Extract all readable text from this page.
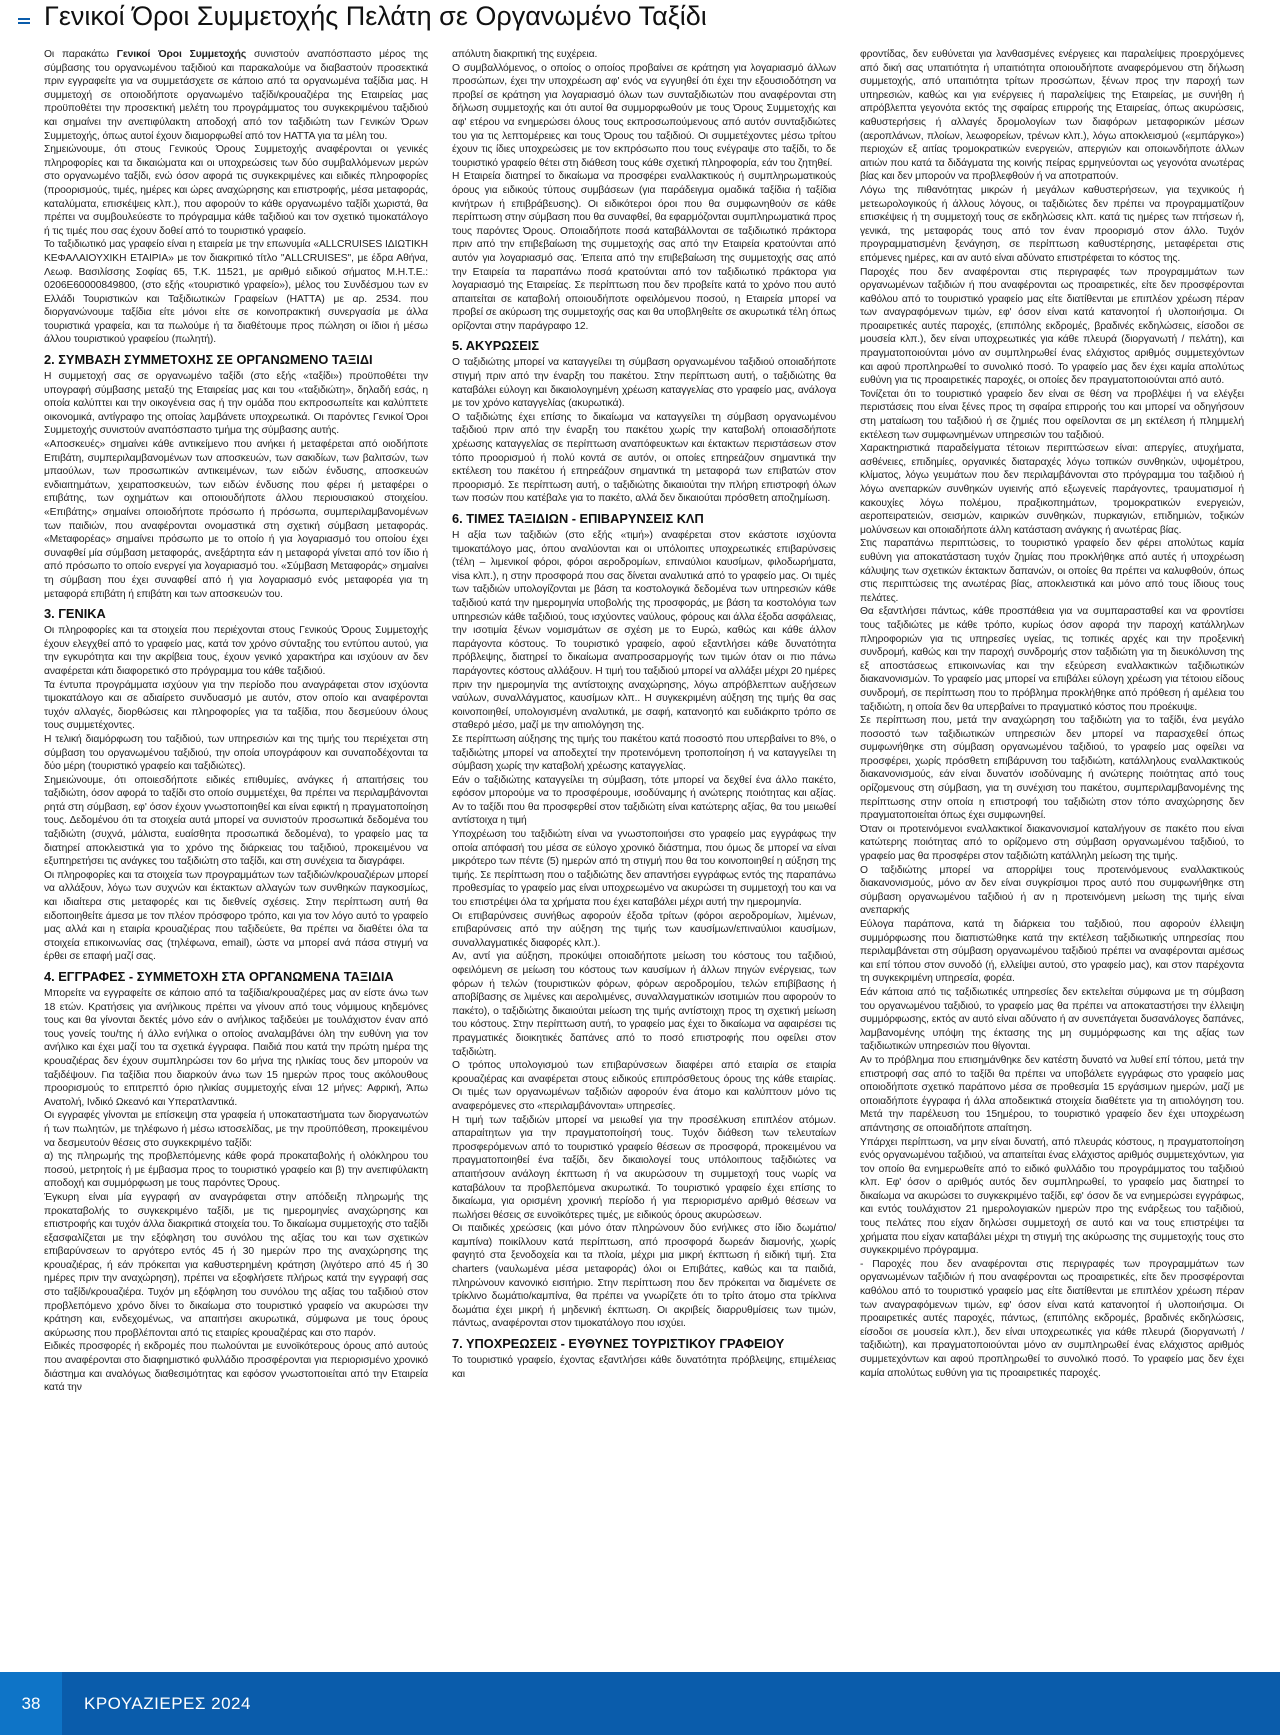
Γενικοί Όροι Συμμετοχής Πελάτη σε Οργανωμένο Ταξίδι

Οι παρακάτω Γενικοί Όροι Συμμετοχής συνιστούν αναπόσπαστο μέρος της σύμβασης του οργανωμένου ταξιδιού και παρακαλούμε να διαβαστούν προσεκτικά πριν εγγραφείτε για να συμμετάσχετε σε κάποιο από τα οργανωμένα ταξίδια μας. Η συμμετοχή σε οποιοδήποτε οργανωμένο ταξίδι/κρουαζιέρα της Εταιρείας μας προϋποθέτει την προσεκτική μελέτη του προγράμματος του συγκεκριμένου ταξιδιού και σημαίνει την ανεπιφύλακτη αποδοχή από τον ταξιδιώτη των Γενικών Όρων Συμμετοχής, όπως αυτοί έχουν διαμορφωθεί από τον ΗΑΤΤΑ για τα μέλη του.

Σημειώνουμε, ότι στους Γενικούς Όρους Συμμετοχής αναφέρονται οι γενικές πληροφορίες και τα δικαιώματα και οι υποχρεώσεις των δύο συμβαλλόμενων μερών στο οργανωμένο ταξίδι, ενώ όσον αφορά τις συγκεκριμένες και ειδικές πληροφορίες (προορισμούς, τιμές, ημέρες και ώρες αναχώρησης και επιστροφής, μέσα μεταφοράς, καταλύματα, επισκέψεις κλπ.), που αφορούν το κάθε οργανωμένο ταξίδι χωριστά, θα πρέπει να συμβουλεύεστε το πρόγραμμα κάθε ταξιδιού και τον σχετικό τιμοκατάλογο ή τις τιμές που σας έχουν δοθεί από το τουριστικό γραφείο.

Το ταξιδιωτικό μας γραφείο είναι η εταιρεία με την επωνυμία «ALLCRUISES ΙΔΙΩΤΙΚΗ ΚΕΦΑΛΑΙΟΥΧΙΚΗ ΕΤΑΙΡΙΑ» με τον διακριτικό τίτλο "ALLCRUISES", με έδρα Αθήνα, Λεωφ. Βασιλίσσης Σοφίας 65, Τ.Κ. 11521, με αριθμό ειδικού σήματος Μ.Η.Τ.Ε.: 0206Ε60000849800, (στο εξής «τουριστικό γραφείο»), μέλος του Συνδέσμου των εν Ελλάδι Τουριστικών και Ταξιδιωτικών Γραφείων (ΗΑΤΤΑ) με αρ. 2534. που διοργανώνουμε ταξίδια είτε μόνοι είτε σε κοινοπρακτική συνεργασία με άλλα τουριστικά γραφεία, και τα πωλούμε ή τα διαθέτουμε προς πώληση οι ίδιοι ή μέσω άλλου τουριστικού γραφείου (πωλητή).

2. ΣΥΜΒΑΣΗ ΣΥΜΜΕΤΟΧΗΣ ΣΕ ΟΡΓΑΝΩΜΕΝΟ ΤΑΞΙΔΙ

Η συμμετοχή σας σε οργανωμένο ταξίδι (στο εξής «ταξίδι») προϋποθέτει την υπογραφή σύμβασης μεταξύ της Εταιρείας μας και του «ταξιδιώτη», δηλαδή εσάς, η οποία καλύπτει και την οικογένεια σας ή την ομάδα που εκπροσωπείτε και καλύπτετε οικονομικά, αντίγραφο της οποίας λαμβάνετε υποχρεωτικά. Οι παρόντες Γενικοί Όροι Συμμετοχής συνιστούν αναπόσπαστο τμήμα της σύμβασης αυτής.

«Αποσκευές» σημαίνει κάθε αντικείμενο που ανήκει ή μεταφέρεται από οιοδήποτε Επιβάτη, συμπεριλαμβανομένων των αποσκευών, των σακιδίων, των βαλιτσών, των μπαούλων, των προσωπικών αντικειμένων, των ειδών ένδυσης, αποσκευών ενδιαιτημάτων, χειραποσκευών, των ειδών ένδυσης που φέρει ή μεταφέρει ο επιβάτης, των οχημάτων και οποιουδήποτε άλλου περιουσιακού στοιχείου. «Επιβάτης» σημαίνει οποιοδήποτε πρόσωπο ή πρόσωπα, συμπεριλαμβανομένων των παιδιών, που αναφέρονται ονομαστικά στη σχετική σύμβαση μεταφοράς. «Μεταφορέας» σημαίνει πρόσωπο με το οποίο ή για λογαριασμό του οποίου έχει συναφθεί μία σύμβαση μεταφοράς, ανεξάρτητα εάν η μεταφορά γίνεται από τον ίδιο ή από πρόσωπο το οποίο ενεργεί για λογαριασμό του. «Σύμβαση Μεταφοράς» σημαίνει τη σύμβαση που έχει συναφθεί από ή για λογαριασμό ενός μεταφορέα για τη μεταφορά επιβάτη ή επιβάτη και των αποσκευών του.

3. ΓΕΝΙΚΑ

Οι πληροφορίες και τα στοιχεία που περιέχονται στους Γενικούς Όρους Συμμετοχής έχουν ελεγχθεί από το γραφείο μας, κατά τον χρόνο σύνταξης του εντύπου αυτού, για την εγκυρότητα και την ακρίβεια τους, έχουν γενικό χαρακτήρα και ισχύουν αν δεν αναφέρεται κάτι διαφορετικό στο πρόγραμμα του κάθε ταξιδιού.

Τα έντυπα προγράμματα ισχύουν για την περίοδο που αναγράφεται στον ισχύοντα τιμοκατάλογο και σε αδιαίρετο συνδυασμό με αυτόν, στον οποίο και αναφέρονται τυχόν αλλαγές, διορθώσεις και πληροφορίες για τα ταξίδια, που δεσμεύουν όλους τους συμμετέχοντες.

Η τελική διαμόρφωση του ταξιδιού, των υπηρεσιών και της τιμής του περιέχεται στη σύμβαση του οργανωμένου ταξιδιού, την οποία υπογράφουν και συναποδέχονται τα δύο μέρη (τουριστικό γραφείο και ταξιδιώτες).

Σημειώνουμε, ότι οποιεσδήποτε ειδικές επιθυμίες, ανάγκες ή απαιτήσεις του ταξιδιώτη, όσον αφορά το ταξίδι στο οποίο συμμετέχει, θα πρέπει να περιλαμβάνονται ρητά στη σύμβαση, εφ' όσον έχουν γνωστοποιηθεί και είναι εφικτή η πραγματοποίηση τους. Δεδομένου ότι τα στοιχεία αυτά μπορεί να συνιστούν προσωπικά δεδομένα του ταξιδιώτη (συχνά, μάλιστα, ευαίσθητα προσωπικά δεδομένα), το γραφείο μας τα διατηρεί αποκλειστικά για το χρόνο της διάρκειας του ταξιδιού, προκειμένου να εξυπηρετήσει τις ανάγκες του ταξιδιώτη στο ταξίδι, και στη συνέχεια τα διαγράφει.

Οι πληροφορίες και τα στοιχεία των προγραμμάτων των ταξιδιών/κρουαζιέρων μπορεί να αλλάξουν, λόγω των συχνών και έκτακτων αλλαγών των συνθηκών παγκοσμίως, και ιδιαίτερα στις μεταφορές και τις διεθνείς σχέσεις. Στην περίπτωση αυτή θα ειδοποιηθείτε άμεσα με τον πλέον πρόσφορο τρόπο, και για τον λόγο αυτό το γραφείο μας αλλά και η εταιρία κρουαζιέρας που ταξιδεύετε, θα πρέπει να διαθέτει όλα τα στοιχεία επικοινωνίας σας (τηλέφωνα, email), ώστε να μπορεί ανά πάσα στιγμή να έρθει σε επαφή μαζί σας.

4. ΕΓΓΡΑΦΕΣ - ΣΥΜΜΕΤΟΧΗ ΣΤΑ ΟΡΓΑΝΩΜΕΝΑ ΤΑΞΙΔΙΑ

Μπορείτε να εγγραφείτε σε κάποιο από τα ταξίδια/κρουαζιέρες μας αν είστε άνω των 18 ετών. Κρατήσεις για ανήλικους πρέπει να γίνουν από τους νόμιμους κηδεμόνες τους και θα γίνονται δεκτές μόνο εάν ο ανήλικος ταξιδεύει με τουλάχιστον έναν από τους γονείς του/της ή άλλο ενήλικα ο οποίος αναλαμβάνει όλη την ευθύνη για τον ανήλικο και έχει μαζί του τα σχετικά έγγραφα. Παιδιά που κατά την πρώτη ημέρα της κρουαζιέρας δεν έχουν συμπληρώσει τον 6ο μήνα της ηλικίας τους δεν μπορούν να ταξιδέψουν. Για ταξίδια που διαρκούν άνω των 15 ημερών προς τους ακόλουθους προορισμούς το επιτρεπτό όριο ηλικίας συμμετοχής είναι 12 μήνες: Αφρική, Άπω Ανατολή, Ινδικό Ωκεανό και Υπερατλαντικά.

Οι εγγραφές γίνονται με επίσκεψη στα γραφεία ή υποκαταστήματα των διοργανωτών ή των πωλητών, με τηλέφωνο ή μέσω ιστοσελίδας, με την προϋπόθεση, προκειμένου να δεσμευτούν θέσεις στο συγκεκριμένο ταξίδι:

α) της πληρωμής της προβλεπόμενης κάθε φορά προκαταβολής ή ολόκληρου του ποσού, μετρητοίς ή με έμβασμα προς το τουριστικό γραφείο και β) την ανεπιφύλακτη αποδοχή και συμμόρφωση με τους παρόντες Όρους.

Έγκυρη είναι μία εγγραφή αν αναγράφεται στην απόδειξη πληρωμής της προκαταβολής το συγκεκριμένο ταξίδι, με τις ημερομηνίες αναχώρησης και επιστροφής και τυχόν άλλα διακριτικά στοιχεία του. Το δικαίωμα συμμετοχής στο ταξίδι εξασφαλίζεται με την εξόφληση του συνόλου της αξίας του και των σχετικών επιβαρύνσεων το αργότερο εντός 45 ή 30 ημερών προ της αναχώρησης της κρουαζιέρας, ή εάν πρόκειται για καθυστερημένη κράτηση (λιγότερο από 45 ή 30 ημέρες πριν την αναχώρηση), πρέπει να εξοφλήσετε πλήρως κατά την εγγραφή σας στο ταξίδι/κρουαζιέρα. Τυχόν μη εξόφληση του συνόλου της αξίας του ταξιδιού στον προβλεπόμενο χρόνο δίνει το δικαίωμα στο τουριστικό γραφείο να ακυρώσει την κράτηση και, ενδεχομένως, να απαιτήσει ακυρωτικά, σύμφωνα με τους όρους ακύρωσης που προβλέπονται από τις εταιρίες κρουαζιέρας και στο παρόν.

Ειδικές προσφορές ή εκδρομές που πωλούνται με ευνοϊκότερους όρους από αυτούς που αναφέρονται στο διαφημιστικό φυλλάδιο προσφέρονται για περιορισμένο χρονικό διάστημα και αναλόγως διαθεσιμότητας και εφόσον γνωστοποιείται από την Εταιρεία κατά την

απόλυτη διακριτική της ευχέρεια.

Ο συμβαλλόμενος, ο οποίος ο οποίος προβαίνει σε κράτηση για λογαριασμό άλλων προσώπων, έχει την υποχρέωση αφ' ενός να εγγυηθεί ότι έχει την εξουσιοδότηση να προβεί σε κράτηση για λογαριασμό όλων των συνταξιδιωτών που αναφέρονται στη δήλωση συμμετοχής και ότι αυτοί θα συμμορφωθούν με τους Όρους Συμμετοχής και αφ' ετέρου να ενημερώσει όλους τους εκπροσωπούμενους από αυτόν συνταξιδιώτες του για τις λεπτομέρειες και τους Όρους του ταξιδιού. Οι συμμετέχοντες μέσω τρίτου έχουν τις ίδιες υποχρεώσεις με τον εκπρόσωπο που τους ενέγραψε στο ταξίδι, το δε τουριστικό γραφείο θέτει στη διάθεση τους κάθε σχετική πληροφορία, εάν του ζητηθεί.

Η Εταιρεία διατηρεί το δικαίωμα να προσφέρει εναλλακτικούς ή συμπληρωματικούς όρους για ειδικούς τύπους συμβάσεων (για παράδειγμα ομαδικά ταξίδια ή ταξίδια κινήτρων ή επιβράβευσης). Οι ειδικότεροι όροι που θα συμφωνηθούν σε κάθε περίπτωση στην σύμβαση που θα συναφθεί, θα εφαρμόζονται συμπληρωματικά προς τους παρόντες Όρους. Οποιαδήποτε ποσά καταβάλλονται σε ταξιδιωτικό πράκτορα πριν από την επιβεβαίωση της συμμετοχής σας από την Εταιρεία κρατούνται από αυτόν για λογαριασμό σας. Έπειτα από την επιβεβαίωση της συμμετοχής σας από την Εταιρεία τα παραπάνω ποσά κρατούνται από τον ταξιδιωτικό πράκτορα για λογαριασμό της Εταιρείας. Σε περίπτωση που δεν προβείτε κατά το χρόνο που αυτό απαιτείται σε καταβολή οποιουδήποτε οφειλόμενου ποσού, η Εταιρεία μπορεί να προβεί σε ακύρωση της συμμετοχής σας και θα υποβληθείτε σε ακυρωτικά τέλη όπως ορίζονται στην παράγραφο 12.

5. ΑΚΥΡΩΣΕΙΣ

Ο ταξιδιώτης μπορεί να καταγγείλει τη σύμβαση οργανωμένου ταξιδιού οποιαδήποτε στιγμή πριν από την έναρξη του πακέτου. Στην περίπτωση αυτή, ο ταξιδιώτης θα καταβάλει εύλογη και δικαιολογημένη χρέωση καταγγελίας στο γραφείο μας, ανάλογα με τον χρόνο καταγγελίας (ακυρωτικά).

Ο ταξιδιώτης έχει επίσης το δικαίωμα να καταγγείλει τη σύμβαση οργανωμένου ταξιδιού πριν από την έναρξη του πακέτου χωρίς την καταβολή οποιασδήποτε χρέωσης καταγγελίας σε περίπτωση αναπόφευκτων και έκτακτων περιστάσεων στον τόπο προορισμού ή πολύ κοντά σε αυτόν, οι οποίες επηρεάζουν σημαντικά την εκτέλεση του πακέτου ή επηρεάζουν σημαντικά τη μεταφορά των επιβατών στον προορισμό. Σε περίπτωση αυτή, ο ταξιδιώτης δικαιούται την πλήρη επιστροφή όλων των ποσών που κατέβαλε για το πακέτο, αλλά δεν δικαιούται πρόσθετη αποζημίωση.

6. ΤΙΜΕΣ ΤΑΞΙΔΙΩΝ - ΕΠΙΒΑΡΥΝΣΕΙΣ ΚΛΠ

Η αξία των ταξιδιών (στο εξής «τιμή») αναφέρεται στον εκάστοτε ισχύοντα τιμοκατάλογο μας, όπου αναλύονται και οι υπόλοιπες υποχρεωτικές επιβαρύνσεις (τέλη – λιμενικοί φόροι, φόροι αεροδρομίων, επιναύλιοι καυσίμων, φιλοδωρήματα, visa κλπ.), η στην προσφορά που σας δίνεται αναλυτικά από το γραφείο μας. Οι τιμές των ταξιδιών υπολογίζονται με βάση τα κοστολογικά δεδομένα των υπηρεσιών κάθε ταξιδιού κατά την ημερομηνία υποβολής της προσφοράς, με βάση τα κοστολόγια των υπηρεσιών κάθε ταξιδιού, τους ισχύοντες ναύλους, φόρους και άλλα έξοδα ασφάλειας, την ισοτιμία ξένων νομισμάτων σε σχέση με το Ευρώ, καθώς και κάθε άλλον παράγοντα κόστους. Το τουριστικό γραφείο, αφού εξαντλήσει κάθε δυνατότητα πρόβλεψης, διατηρεί το δικαίωμα αναπροσαρμογής των τιμών όταν οι πιο πάνω παράγοντες κόστους αλλάξουν. Η τιμή του ταξιδιού μπορεί να αλλάξει μέχρι 20 ημέρες πριν την ημερομηνία της αντίστοιχης αναχώρησης, λόγω απρόβλεπτων αυξήσεων ναύλων, συναλλάγματος, καυσίμων κλπ.. Η συγκεκριμένη αύξηση της τιμής θα σας κοινοποιηθεί, υπολογισμένη αναλυτικά, με σαφή, κατανοητό και ευδιάκριτο τρόπο σε σταθερό μέσο, μαζί με την αιτιολόγηση της.

Σε περίπτωση αύξησης της τιμής του πακέτου κατά ποσοστό που υπερβαίνει το 8%, ο ταξιδιώτης μπορεί να αποδεχτεί την προτεινόμενη τροποποίηση ή να καταγγείλει τη σύμβαση χωρίς την καταβολή χρέωσης καταγγελίας.

Εάν ο ταξιδιώτης καταγγείλει τη σύμβαση, τότε μπορεί να δεχθεί ένα άλλο πακέτο, εφόσον μπορούμε να το προσφέρουμε, ισοδύναμης ή ανώτερης ποιότητας και αξίας. Αν το ταξίδι που θα προσφερθεί στον ταξιδιώτη είναι κατώτερης αξίας, θα του μειωθεί αντίστοιχα η τιμή

Υποχρέωση του ταξιδιώτη είναι να γνωστοποιήσει στο γραφείο μας εγγράφως την οποία απόφασή του μέσα σε εύλογο χρονικό διάστημα, που όμως δε μπορεί να είναι μικρότερο των πέντε (5) ημερών από τη στιγμή που θα του κοινοποιηθεί η αύξηση της τιμής. Σε περίπτωση που ο ταξιδιώτης δεν απαντήσει εγγράφως εντός της παραπάνω προθεσμίας το γραφείο μας είναι υποχρεωμένο να ακυρώσει τη συμμετοχή του και να του επιστρέψει όλα τα χρήματα που έχει καταβάλει μέχρι αυτή την ημερομηνία.

Οι επιβαρύνσεις συνήθως αφορούν έξοδα τρίτων (φόροι αεροδρομίων, λιμένων, επιβαρύνσεις από την αύξηση της τιμής των καυσίμων/επιναύλιοι καυσίμων, συναλλαγματικές διαφορές κλπ.).

Αν, αντί για αύξηση, προκύψει οποιαδήποτε μείωση του κόστους του ταξιδιού, οφειλόμενη σε μείωση του κόστους των καυσίμων ή άλλων πηγών ενέργειας, των φόρων ή τελών (τουριστικών φόρων, φόρων αεροδρομίου, τελών επιβίβασης ή αποβίβασης σε λιμένες και αερολιμένες, συναλλαγματικών ισοτιμιών που αφορούν το πακέτο), ο ταξιδιώτης δικαιούται μείωση της τιμής αντίστοιχη προς τη σχετική μείωση του κόστους. Στην περίπτωση αυτή, το γραφείο μας έχει το δικαίωμα να αφαιρέσει τις πραγματικές διοικητικές δαπάνες από το ποσό επιστροφής που οφείλει στον ταξιδιώτη.

Ο τρόπος υπολογισμού των επιβαρύνσεων διαφέρει από εταιρία σε εταιρία κρουαζιέρας και αναφέρεται στους ειδικούς επιπρόσθετους όρους της κάθε εταιρίας. Οι τιμές των οργανωμένων ταξιδιών αφορούν ένα άτομο και καλύπτουν μόνο τις αναφερόμενες στο «περιλαμβάνονται» υπηρεσίες.

Η τιμή των ταξιδιών μπορεί να μειωθεί για την προσέλκυση επιπλέον ατόμων. απαραίτητων για την πραγματοποίησή τους. Τυχόν διάθεση των τελευταίων προσφερόμενων από το τουριστικό γραφείο θέσεων σε προσφορά, προκειμένου να πραγματοποιηθεί ένα ταξίδι, δεν δικαιολογεί τους υπόλοιπους ταξιδιώτες να απαιτήσουν ανάλογη έκπτωση ή να ακυρώσουν τη συμμετοχή τους νωρίς να καταβάλουν τα προβλεπόμενα ακυρωτικά. Το τουριστικό γραφείο έχει επίσης το δικαίωμα, για ορισμένη χρονική περίοδο ή για περιορισμένο αριθμό θέσεων να πωλήσει θέσεις σε ευνοϊκότερες τιμές, με ειδικούς όρους ακυρώσεων.

Οι παιδικές χρεώσεις (και μόνο όταν πληρώνουν δύο ενήλικες στο ίδιο δωμάτιο/ καμπίνα) ποικίλλουν κατά περίπτωση, από προσφορά δωρεάν διαμονής, χωρίς φαγητό στα ξενοδοχεία και τα πλοία, μέχρι μια μικρή έκπτωση ή ειδική τιμή. Στα charters (ναυλωμένα μέσα μεταφοράς) όλοι οι Επιβάτες, καθώς και τα παιδιά, πληρώνουν κανονικό εισιτήριο. Στην περίπτωση που δεν πρόκειται να διαμένετε σε τρίκλινο δωμάτιο/καμπίνα, θα πρέπει να γνωρίζετε ότι το τρίτο άτομο στα τρίκλινα δωμάτια έχει μικρή ή μηδενική έκπτωση. Οι ακριβείς διαρρυθμίσεις των τιμών, πάντως, αναφέρονται στον τιμοκατάλογο που ισχύει.

7. ΥΠΟΧΡΕΩΣΕΙΣ - ΕΥΘΥΝΕΣ ΤΟΥΡΙΣΤΙΚΟΥ ΓΡΑΦΕΙΟΥ

Το τουριστικό γραφείο, έχοντας εξαντλήσει κάθε δυνατότητα πρόβλεψης, επιμέλειας και

φροντίδας, δεν ευθύνεται για λανθασμένες ενέργειες και παραλείψεις προερχόμενες από δική σας υπαιτιότητα ή υπαιτιότητα οποιουδήποτε αναφερόμενου στη δήλωση συμμετοχής, από υπαιτιότητα τρίτων προσώπων, ξένων προς την παροχή των υπηρεσιών, καθώς και για ενέργειες ή παραλείψεις της Εταιρείας, με συνήθη ή απρόβλεπτα γεγονότα εκτός της σφαίρας επιρροής της Εταιρείας, όπως ακυρώσεις, καθυστερήσεις ή αλλαγές δρομολογίων των διαφόρων μεταφορικών μέσων (αεροπλάνων, πλοίων, λεωφορείων, τρένων κλπ.), λόγω αποκλεισμού («εμπάργκο») περιοχών εξ αιτίας τρομοκρατικών ενεργειών, απεργιών και οποιωνδήποτε άλλων αιτιών που κατά τα διδάγματα της κοινής πείρας ερμηνεύονται ως γεγονότα ανωτέρας βίας και δεν μπορούν να προβλεφθούν ή να αποτραπούν.

Λόγω της πιθανότητας μικρών ή μεγάλων καθυστερήσεων, για τεχνικούς ή μετεωρολογικούς ή άλλους λόγους, οι ταξιδιώτες δεν πρέπει να προγραμματίζουν επισκέψεις ή τη συμμετοχή τους σε εκδηλώσεις κλπ. κατά τις ημέρες των πτήσεων ή, γενικά, της μεταφοράς τους από τον έναν προορισμό στον άλλο. Τυχόν προγραμματισμένη ξενάγηση, σε περίπτωση καθυστέρησης, μεταφέρεται στις επόμενες ημέρες, και αν αυτό είναι αδύνατο επιστρέφεται το κόστος της.

Παροχές που δεν αναφέρονται στις περιγραφές των προγραμμάτων των οργανωμένων ταξιδιών ή που αναφέρονται ως προαιρετικές, είτε δεν προσφέρονται καθόλου από το τουριστικό γραφείο μας είτε διατίθενται με επιπλέον χρέωση πέραν των αναγραφόμενων τιμών, εφ' όσον είναι κατά κατανοητοί ή υλοποιήσιμα. Οι προαιρετικές αυτές παροχές, (επιπόλης εκδρομές, βραδινές εκδηλώσεις, είσοδοι σε μουσεία κλπ.), δεν είναι υποχρεωτικές για κάθε πλευρά (διοργανωτή / πελάτη), και πραγματοποιούνται μόνο αν συμπληρωθεί ένας ελάχιστος αριθμός συμμετεχόντων και αφού προπληρωθεί το συνολικό ποσό. Το γραφείο μας δεν έχει καμία απολύτως ευθύνη για τις προαιρετικές παροχές, οι οποίες δεν πραγματοποιούνται από αυτό.

Τονίζεται ότι το τουριστικό γραφείο δεν είναι σε θέση να προβλέψει ή να ελέγξει περιστάσεις που είναι ξένες προς τη σφαίρα επιρροής του και μπορεί να οδηγήσουν στη ματαίωση του ταξιδιού ή σε ζημιές που οφείλονται σε μη εκτέλεση ή πλημμελή εκτέλεση των συμφωνημένων υπηρεσιών του ταξιδιού.

Χαρακτηριστικά παραδείγματα τέτοιων περιπτώσεων είναι: απεργίες, ατυχήματα, ασθένειες, επιδημίες, οργανικές διαταραχές λόγω τοπικών συνθηκών, υψομέτρου, κλίματος, λόγω γευμάτων που δεν περιλαμβάνονται στο πρόγραμμα του ταξιδιού ή λόγω ανεπαρκών συνθηκών υγιεινής από εξωγενείς παράγοντες, τραυματισμοί ή κακουχίες λόγω πολέμου, πραξικοπημάτων, τρομοκρατικών ενεργειών, αεροπειρατειών, σεισμών, καιρικών συνθηκών, πυρκαγιών, επιδημιών, τοξικών μολύνσεων και οποιαδήποτε άλλη κατάσταση ανάγκης ή ανωτέρας βίας.

Στις παραπάνω περιπτώσεις, το τουριστικό γραφείο δεν φέρει απολύτως καμία ευθύνη για αποκατάσταση τυχόν ζημίας που προκλήθηκε από αυτές ή υποχρέωση κάλυψης των σχετικών έκτακτων δαπανών, οι οποίες θα πρέπει να καλυφθούν, όπως στις περιπτώσεις της ανωτέρας βίας, αποκλειστικά και μόνο από τους ίδιους τους πελάτες.

Θα εξαντλήσει πάντως, κάθε προσπάθεια για να συμπαρασταθεί και να φροντίσει τους ταξιδιώτες με κάθε τρόπο, κυρίως όσον αφορά την παροχή κατάλληλων πληροφοριών για τις υπηρεσίες υγείας, τις τοπικές αρχές και την προξενική συνδρομή, καθώς και την παροχή συνδρομής στον ταξιδιώτη για τη διευκόλυνση της εξ αποστάσεως επικοινωνίας και την εξεύρεση εναλλακτικών ταξιδιωτικών διακανονισμών. Το γραφείο μας μπορεί να επιβάλει εύλογη χρέωση για τέτοιου είδους συνδρομή, σε περίπτωση που το πρόβλημα προκλήθηκε από πρόθεση ή αμέλεια του ταξιδιώτη, η οποία δεν θα υπερβαίνει το πραγματικό κόστος που προέκυψε.

Σε περίπτωση που, μετά την αναχώρηση του ταξιδιώτη για το ταξίδι, ένα μεγάλο ποσοστό των ταξιδιωτικών υπηρεσιών δεν μπορεί να παρασχεθεί όπως συμφωνήθηκε στη σύμβαση οργανωμένου ταξιδιού, το γραφείο μας οφείλει να προσφέρει, χωρίς πρόσθετη επιβάρυνση του ταξιδιώτη, κατάλληλους εναλλακτικούς διακανονισμούς, εάν είναι δυνατόν ισοδύναμης ή ανώτερης ποιότητας από τους ορίζομενους στη σύμβαση, για τη συνέχιση του πακέτου, συμπεριλαμβανομένης της περίπτωσης στην οποία η επιστροφή του ταξιδιώτη στον τόπο αναχώρησης δεν πραγματοποιείται όπως έχει συμφωνηθεί.

Όταν οι προτεινόμενοι εναλλακτικοί διακανονισμοί καταλήγουν σε πακέτο που είναι κατώτερης ποιότητας από το ορίζομενο στη σύμβαση οργανωμένου ταξιδιού, το γραφείο μας θα προσφέρει στον ταξιδιώτη κατάλληλη μείωση της τιμής.

Ο ταξιδιώτης μπορεί να απορρίψει τους προτεινόμενους εναλλακτικούς διακανονισμούς, μόνο αν δεν είναι συγκρίσιμοι προς αυτό που συμφωνήθηκε στη σύμβαση οργανωμένου ταξιδιού ή αν η προτεινόμενη μείωση της τιμής είναι ανεπαρκής

Εύλογα παράπονα, κατά τη διάρκεια του ταξιδιού, που αφορούν έλλειψη συμμόρφωσης που διαπιστώθηκε κατά την εκτέλεση ταξιδιωτικής υπηρεσίας που περιλαμβάνεται στη σύμβαση οργανωμένου ταξιδιού πρέπει να αναφέρονται αμέσως και επί τόπου στον συνοδό (ή, ελλείψει αυτού, στο γραφείο μας), και στον παρέχοντα τη συγκεκριμένη υπηρεσία, φορέα.

Εάν κάποια από τις ταξιδιωτικές υπηρεσίες δεν εκτελείται σύμφωνα με τη σύμβαση του οργανωμένου ταξιδιού, το γραφείο μας θα πρέπει να αποκαταστήσει την έλλειψη συμμόρφωσης, εκτός αν αυτό είναι αδύνατο ή αν συνεπάγεται δυσανάλογες δαπάνες, λαμβανομένης υπόψη της έκτασης της μη συμμόρφωσης και της αξίας των ταξιδιωτικών υπηρεσιών που θίγονται.

Αν το πρόβλημα που επισημάνθηκε δεν κατέστη δυνατό να λυθεί επί τόπου, μετά την επιστροφή σας από το ταξίδι θα πρέπει να υποβάλετε εγγράφως στο γραφείο μας οποιοδήποτε σχετικό παράπονο μέσα σε προθεσμία 15 εργάσιμων ημερών, μαζί με οποιαδήποτε έγγραφα ή άλλα αποδεικτικά στοιχεία διαθέτετε για τη αιτιολόγηση του. Μετά την παρέλευση του 15ημέρου, το τουριστικό γραφείο δεν έχει υποχρέωση απάντησης σε οποιαδήποτε απαίτηση.

Υπάρχει περίπτωση, να μην είναι δυνατή, από πλευράς κόστους, η πραγματοποίηση ενός οργανωμένου ταξιδιού, να απαιτείται ένας ελάχιστος αριθμός συμμετεχόντων, για τον οποίο θα ενημερωθείτε από το ειδικό φυλλάδιο του προγράμματος του ταξιδιού κλπ. Εφ' όσον ο αριθμός αυτός δεν συμπληρωθεί, το γραφείο μας διατηρεί το δικαίωμα να ακυρώσει το συγκεκριμένο ταξίδι, εφ' όσον δε να ενημερώσει εγγράφως, και εντός τουλάχιστον 21 ημερολογιακών ημερών προ της ενάρξεως του ταξιδιού, τους πελάτες που είχαν δηλώσει συμμετοχή σε αυτό και να τους επιστρέψει τα χρήματα που είχαν καταβάλει μέχρι τη στιγμή της ακύρωσης της συμμετοχής τους στο συγκεκριμένο πρόγραμμα.

- Παροχές που δεν αναφέρονται στις περιγραφές των προγραμμάτων των οργανωμένων ταξιδιών ή που αναφέρονται ως προαιρετικές, είτε δεν προσφέρονται καθόλου από το τουριστικό γραφείο μας είτε διατίθενται με επιπλέον χρέωση πέραν των αναγραφόμενων τιμών, εφ' όσον είναι κατά κατανοητοί ή υλοποιήσιμα. Οι προαιρετικές αυτές παροχές, πάντως, (επιπόλης εκδρομές, βραδινές εκδηλώσεις, είσοδοι σε μουσεία κλπ.), δεν είναι υποχρεωτικές για κάθε πλευρά (διοργανωτή / ταξιδιώτη), και πραγματοποιούνται μόνο αν συμπληρωθεί ένας ελάχιστος αριθμός συμμετεχόντων και αφού προπληρωθεί το συνολικό ποσό. Το γραφείο μας δεν έχει καμία απολύτως ευθύνη για τις προαιρετικές παροχές.

38	ΚΡΟΥΑΖΙΕΡΕΣ 2024
